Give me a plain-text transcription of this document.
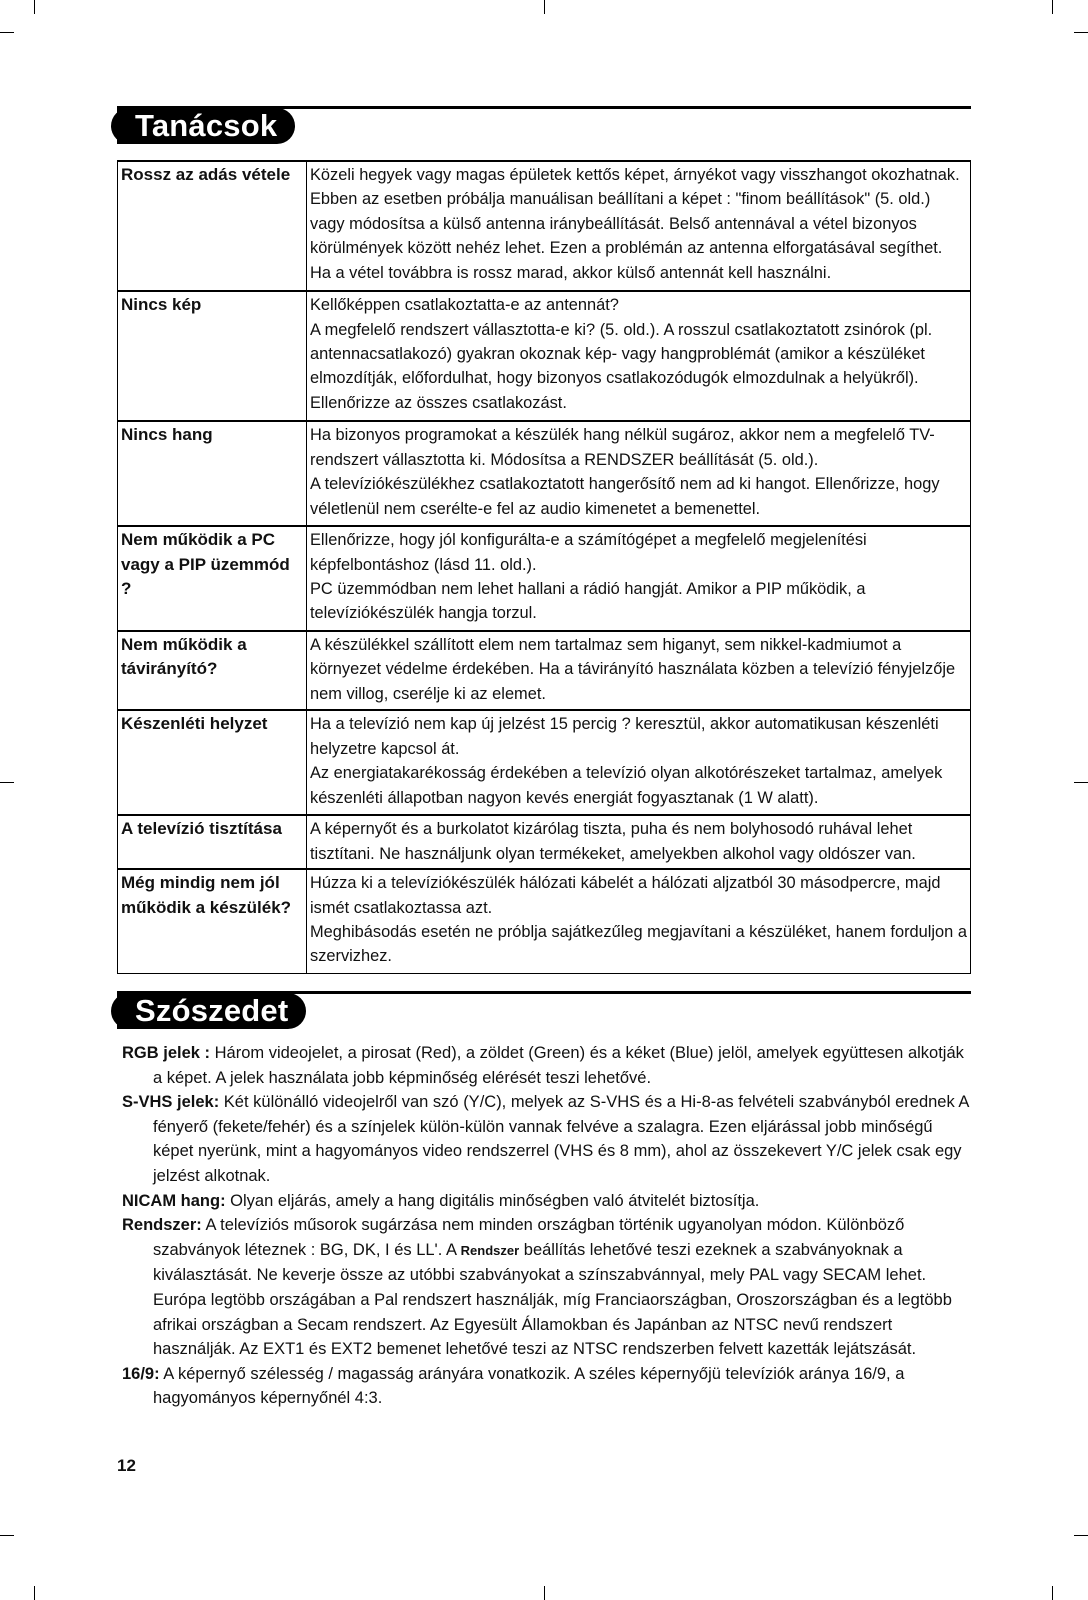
Tanácsok
Rossz az adás vétele	Közeli hegyek vagy magas épületek kettős képet, árnyékot vagy visszhangot okozhatnak. Ebben az esetben próbálja manuálisan beállítani a képet : "finom beállítások" (5. old.) vagy módosítsa a külső antenna iránybeállítását. Belső antennával a vétel bizonyos körülmények között nehéz lehet. Ezen a problémán az antenna elforgatásával segíthet. Ha a vétel továbbra is rossz marad, akkor külső antennát kell használni.

Nincs kép	Kellőképpen csatlakoztatta-e az antennát?

A megfelelő rendszert vállasztotta-e ki? (5. old.). A rosszul csatlakoztatott zsinórok (pl. antennacsatlakozó) gyakran okoznak kép- vagy hangproblémát (amikor a készüléket elmozdítják, előfordulhat, hogy bizonyos csatlakozódugók elmozdulnak a helyükről). Ellenőrizze az összes csatlakozást.

Nincs hang	Ha bizonyos programokat a készülék hang nélkül sugároz, akkor nem a megfelelő TV-rendszert vállasztotta ki. Módosítsa a RENDSZER beállítását (5. old.).

A televíziókészülékhez csatlakoztatott hangerősítő nem ad ki hangot. Ellenőrizze, hogy véletlenül nem cserélte-e fel az audio kimenetet a bemenettel.

Nem működik a PC vagy a PIP üzemmód ?	Ellenőrizze, hogy jól konfigurálta-e a számítógépet a megfelelő megjelenítési képfelbontáshoz (lásd 11. old.).

PC üzemmódban nem lehet hallani a rádió hangját. Amikor a PIP működik, a televíziókészülék hangja torzul.

Nem működik a távirányító?	A készülékkel szállított elem nem tartalmaz sem higanyt, sem nikkel-kadmiumot a környezet védelme érdekében. Ha a távirányító használata közben a televízió fényjelzője nem villog, cserélje ki az elemet.

Készenléti helyzet	Ha a televízió nem kap új jelzést 15 percig ? keresztül, akkor automatikusan készenléti helyzetre kapcsol át.

Az energiatakarékosság érdekében a televízió olyan alkotórészeket tartalmaz, amelyek készenléti állapotban nagyon kevés energiát fogyasztanak (1 W alatt).

A televízió tisztítása	A képernyőt és a burkolatot kizárólag tiszta, puha és nem bolyhosodó ruhával lehet tisztítani. Ne használjunk olyan termékeket, amelyekben alkohol vagy oldószer van.

Még mindig nem jól működik a készülék?	Húzza ki a televíziókészülék hálózati kábelét a hálózati aljzatból 30 másodpercre, majd ismét csatlakoztassa azt.

Meghibásodás esetén ne próblja sajátkezűleg megjavítani a készüléket, hanem forduljon a szervizhez.

Szószedet

RGB jelek : Három videojelet, a pirosat (Red), a zöldet (Green) és a kéket (Blue) jelöl, amelyek együttesen alkotják a képet. A jelek használata jobb képminőség elérését teszi lehetővé.

S-VHS jelek: Két különálló videojelről van szó (Y/C), melyek az S-VHS és a Hi-8-as felvételi szabványból erednek A fényerő (fekete/fehér) és a színjelek külön-külön vannak felvéve a szalagra. Ezen eljárással jobb minőségű képet nyerünk, mint a hagyományos video rendszerrel (VHS és 8 mm), ahol az összekevert Y/C jelek csak egy jelzést alkotnak.

NICAM hang: Olyan eljárás, amely a hang digitális minőségben való átvitelét biztosítja.

Rendszer: A televíziós műsorok sugárzása nem minden országban történik ugyanolyan módon. Különböző szabványok léteznek : BG, DK, I és LL'. A Rendszer beállítás lehetővé teszi ezeknek a szabványoknak a kiválasztását. Ne keverje össze az utóbbi szabványokat a színszabvánnyal, mely PAL vagy SECAM lehet. Európa legtöbb országában a Pal rendszert használják, míg Franciaországban, Oroszországban és a legtöbb afrikai országban a Secam rendszert. Az Egyesült Államokban és Japánban az NTSC nevű rendszert használják. Az EXT1 és EXT2 bemenet lehetővé teszi az NTSC rendszerben felvett kazetták lejátszását.

16/9: A képernyő szélesség / magasság arányára vonatkozik. A széles képernyőjü televíziók aránya 16/9, a hagyományos képernyőnél 4:3.

12
